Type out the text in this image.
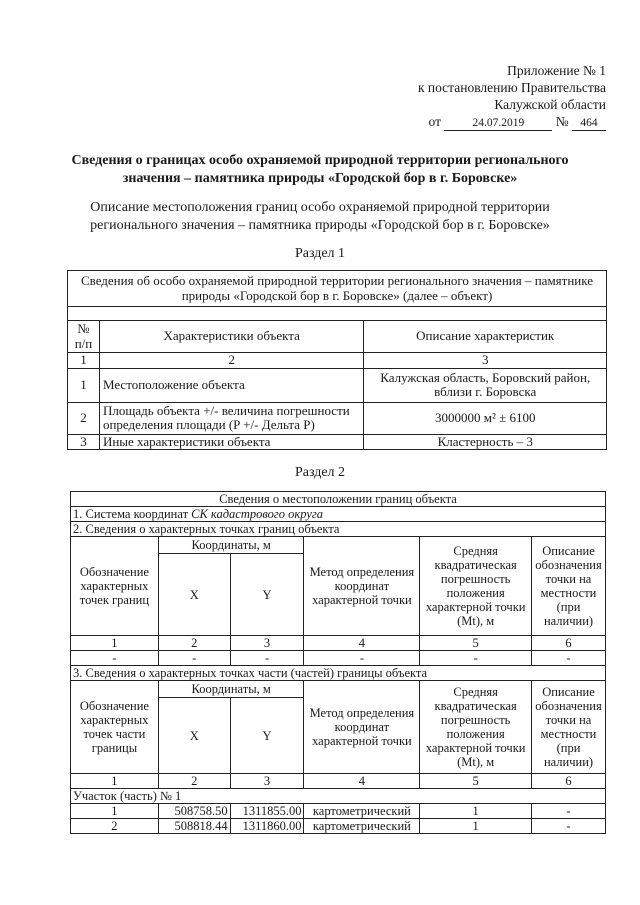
Приложение № 1
к постановлению Правительства
Калужской области
от	24.07.2019 № 464
Сведения о границах особо охраняемой природной территории регионального значения – памятника природы «Городской бор в г. Боровске»
Описание местоположения границ особо охраняемой природной территории регионального значения – памятника природы «Городской бор в г. Боровске»
Раздел 1
Сведения об особо охраняемой природной территории регионального значения – памятнике природы «Городской бор в г. Боровске» (далее – объект)		

№ п/п	Характеристики объекта	Описание характеристик
1	2	3
1	Местоположение объекта	Калужская область, Боровский район, вблизи г. Боровска
2	Площадь объекта +/- величина погрешности определения площади (P +/- Дельта P)	3000000 м² ± 6100
3	Иные характеристики объекта	Кластерность – 3
Раздел 2
Сведения о местоположении границ объекта					
1. Система координат СК кадастрового округа					
2. Сведения о характерных точках границ объекта					
Обозначение характерных точек границ	Координаты, м		Метод определения координат характерной точки	Средняя квадратическая погрешность положения характерной точки (Mt), м	Описание обозначения точки на местности (при наличии)
	X	Y			
1	2	3	4	5	6
-	-	-	-	-	-
3. Сведения о характерных точках части (частей) границы объекта					
Обозначение характерных точек части границы	Координаты, м		Метод определения координат характерной точки	Средняя квадратическая погрешность положения характерной точки (Mt), м	Описание обозначения точки на местности (при наличии)
	X	Y			
1	2	3	4	5	6
Участок (часть) № 1					
1	508758.50	1311855.00	картометрический	1	-
2	508818.44	1311860.00	картометрический	1	-
